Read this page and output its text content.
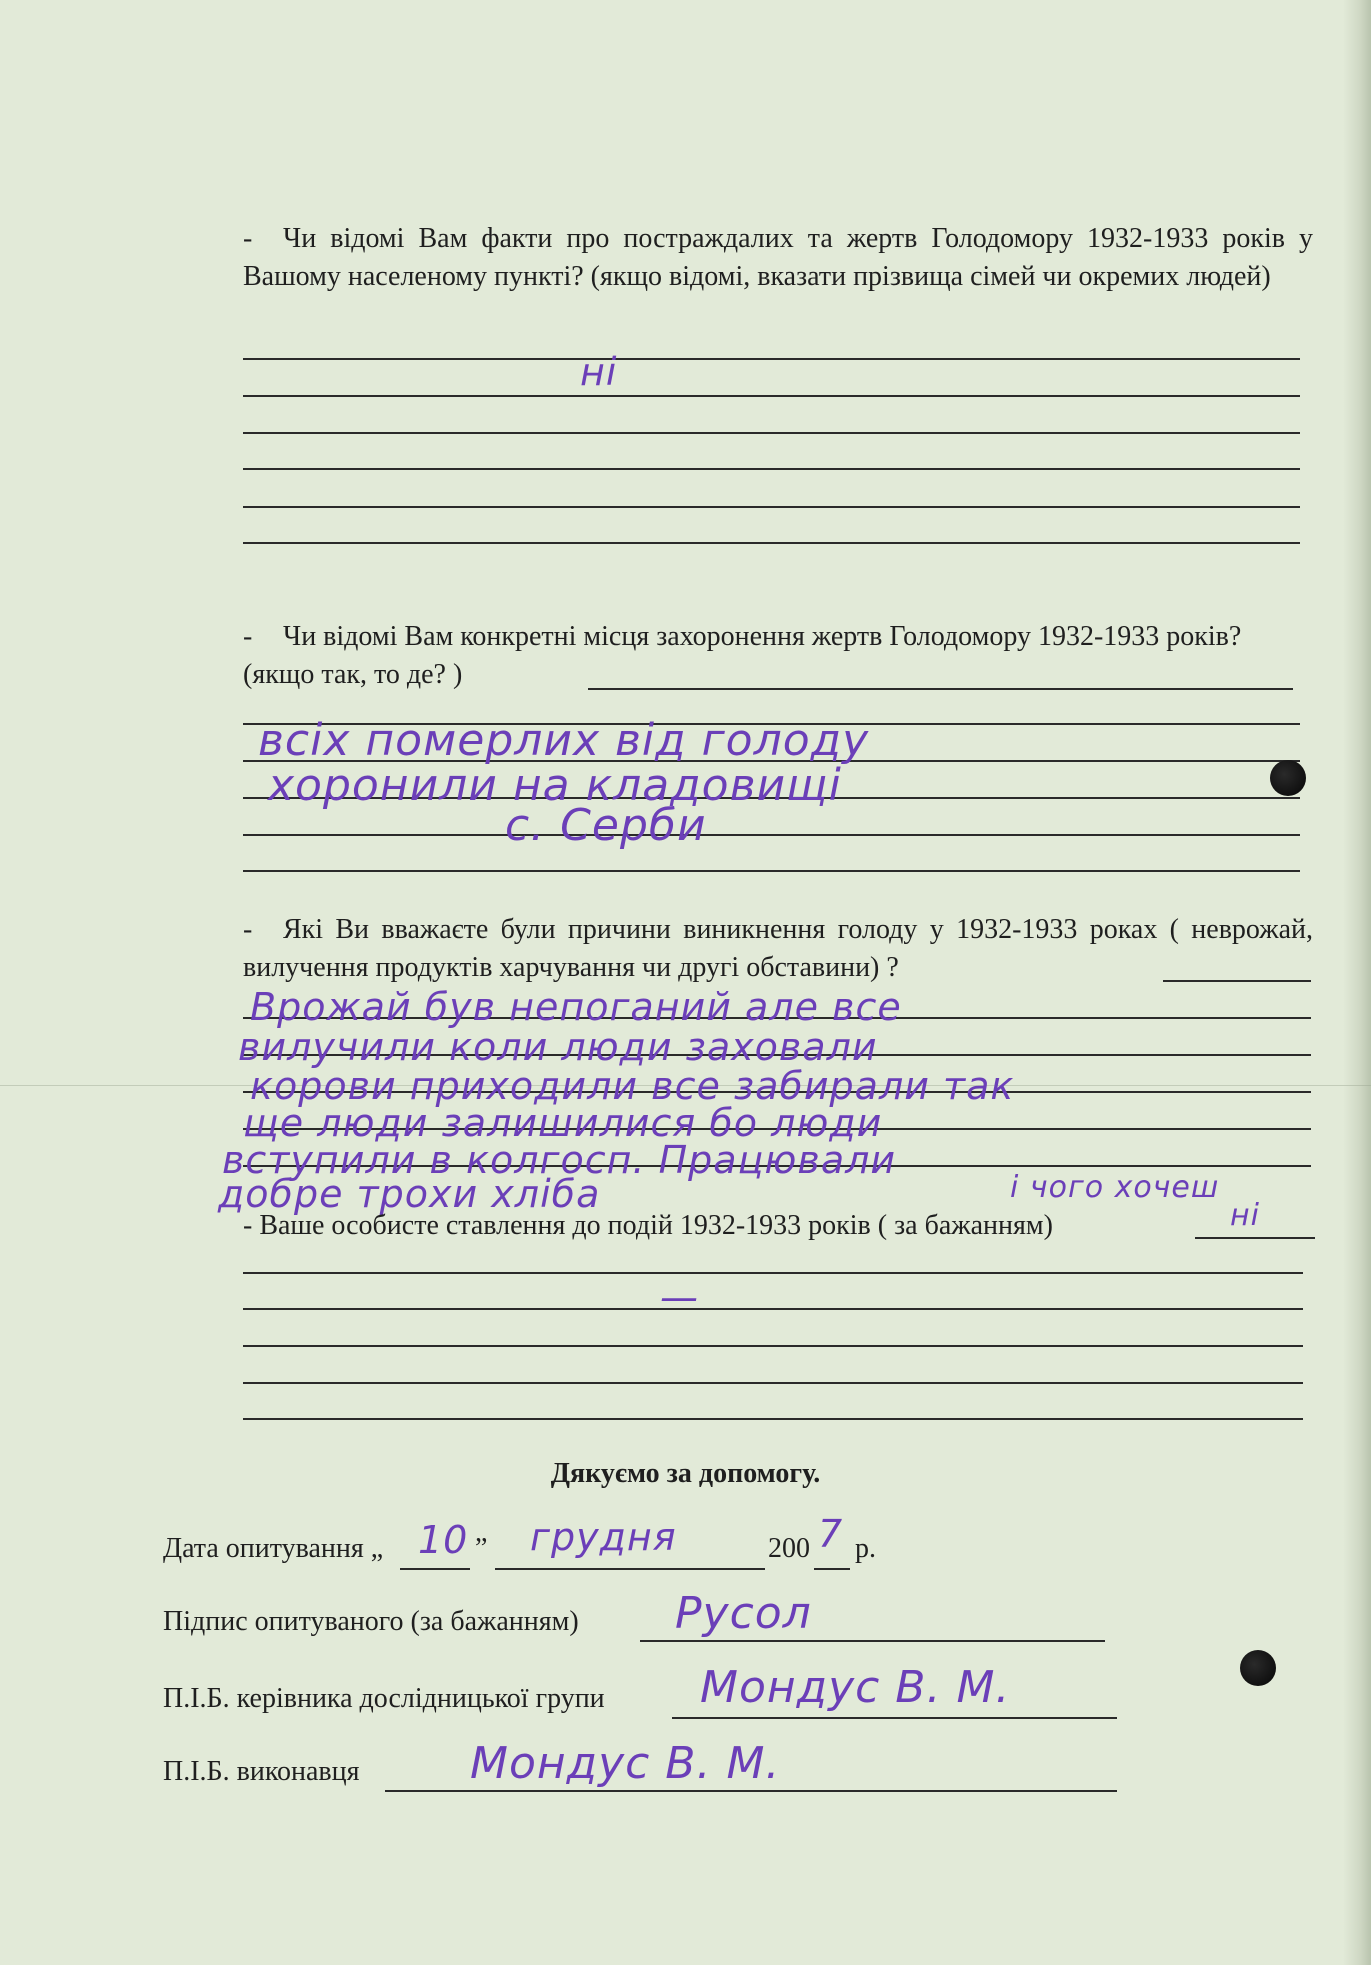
- Чи відомі Вам факти про постраждалих та жертв Голодомору 1932-1933 років у Вашому населеному пункті? (якщо відомі, вказати прізвища сімей чи окремих людей)

ні

- Чи відомі Вам конкретні місця захоронення жертв Голодомору 1932-1933 років? (якщо так, то де? )

всіх померлих від голоду
хоронили на кладовищі
с. Серби

- Які Ви вважаєте були причини виникнення голоду у 1932-1933 роках ( неврожай, вилучення продуктів харчування чи другі обставини) ?

Врожай був непоганий але все
вилучили коли люди заховали
корови приходили все забирали так
ще люди залишилися бо люди
вступили в колгосп. Працювали
добре трохи хліба	і чого хочеш

- Ваше особисте ставлення до подій 1932-1933 років ( за бажанням)	ні
—
Дякуємо за допомогу.
Дата опитування „ 10 ” грудня	200 7 р.
Підпис опитуваного (за бажанням) Русол
П.І.Б. керівника дослідницької групи Мондус В. М.
П.І.Б. виконавця	Мондус В. М.
